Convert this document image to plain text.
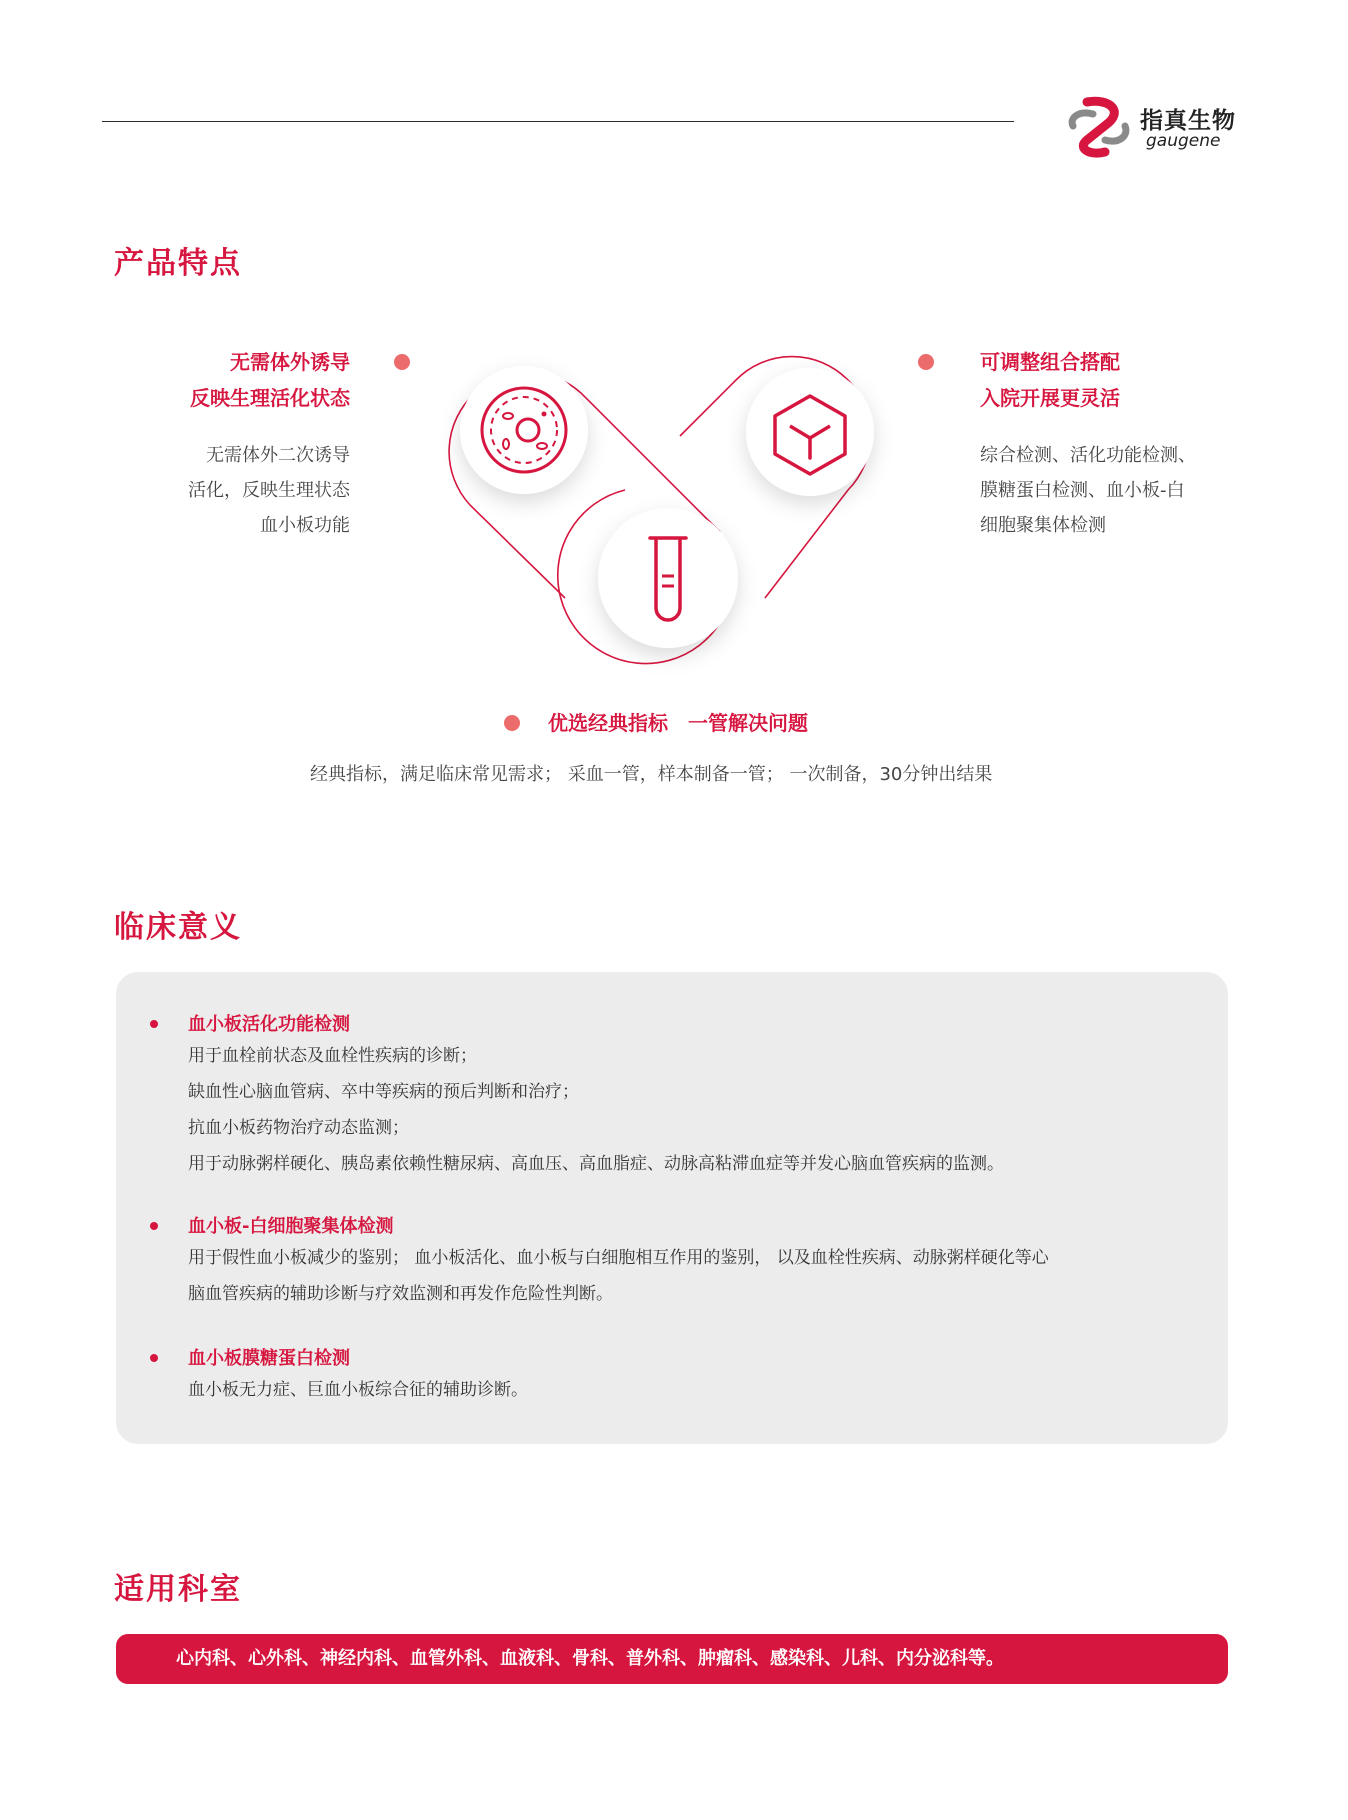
指真生物
gaugene
产品特点
无需体外诱导
反映生理活化状态
无需体外二次诱导
活化，反映生理状态
血小板功能
可调整组合搭配
入院开展更灵活
综合检测、活化功能检测、
膜糖蛋白检测、血小板-白
细胞聚集体检测
优选经典指标　一管解决问题
经典指标，满足临床常见需求； 采血一管，样本制备一管； 一次制备，30分钟出结果
临床意义
血小板活化功能检测
用于血栓前状态及血栓性疾病的诊断；
缺血性心脑血管病、卒中等疾病的预后判断和治疗；
抗血小板药物治疗动态监测；
用于动脉粥样硬化、胰岛素依赖性糖尿病、高血压、高血脂症、动脉高粘滞血症等并发心脑血管疾病的监测。
血小板-白细胞聚集体检测
用于假性血小板减少的鉴别； 血小板活化、血小板与白细胞相互作用的鉴别， 以及血栓性疾病、动脉粥样硬化等心
脑血管疾病的辅助诊断与疗效监测和再发作危险性判断。
血小板膜糖蛋白检测
血小板无力症、巨血小板综合征的辅助诊断。
适用科室
心内科、心外科、神经内科、血管外科、血液科、骨科、普外科、肿瘤科、感染科、儿科、内分泌科等。
